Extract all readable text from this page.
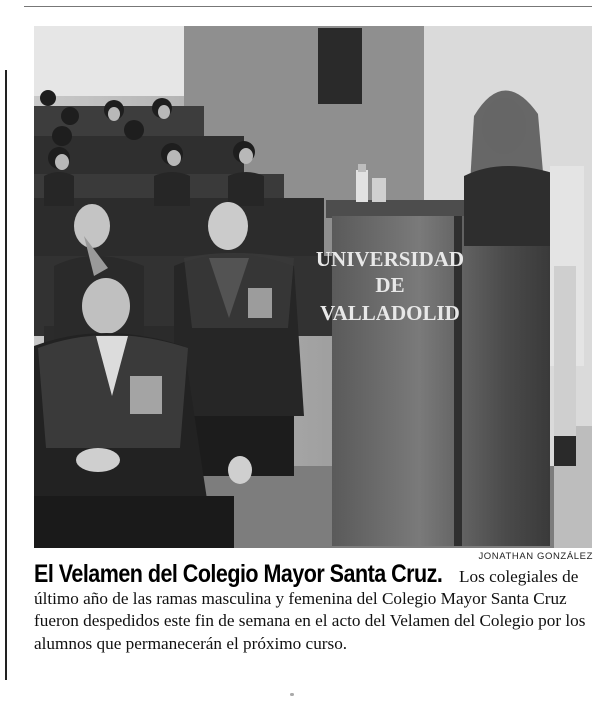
UNIVERSIDAD
DE
VALLADOLID
JONATHAN GONZÁLEZ
El Velamen del Colegio Mayor Santa Cruz. Los colegiales de último año de las ramas masculina y femenina del Colegio Mayor Santa Cruz fueron despedidos este fin de semana en el acto del Velamen del Colegio por los alumnos que permanecerán el próximo curso.
